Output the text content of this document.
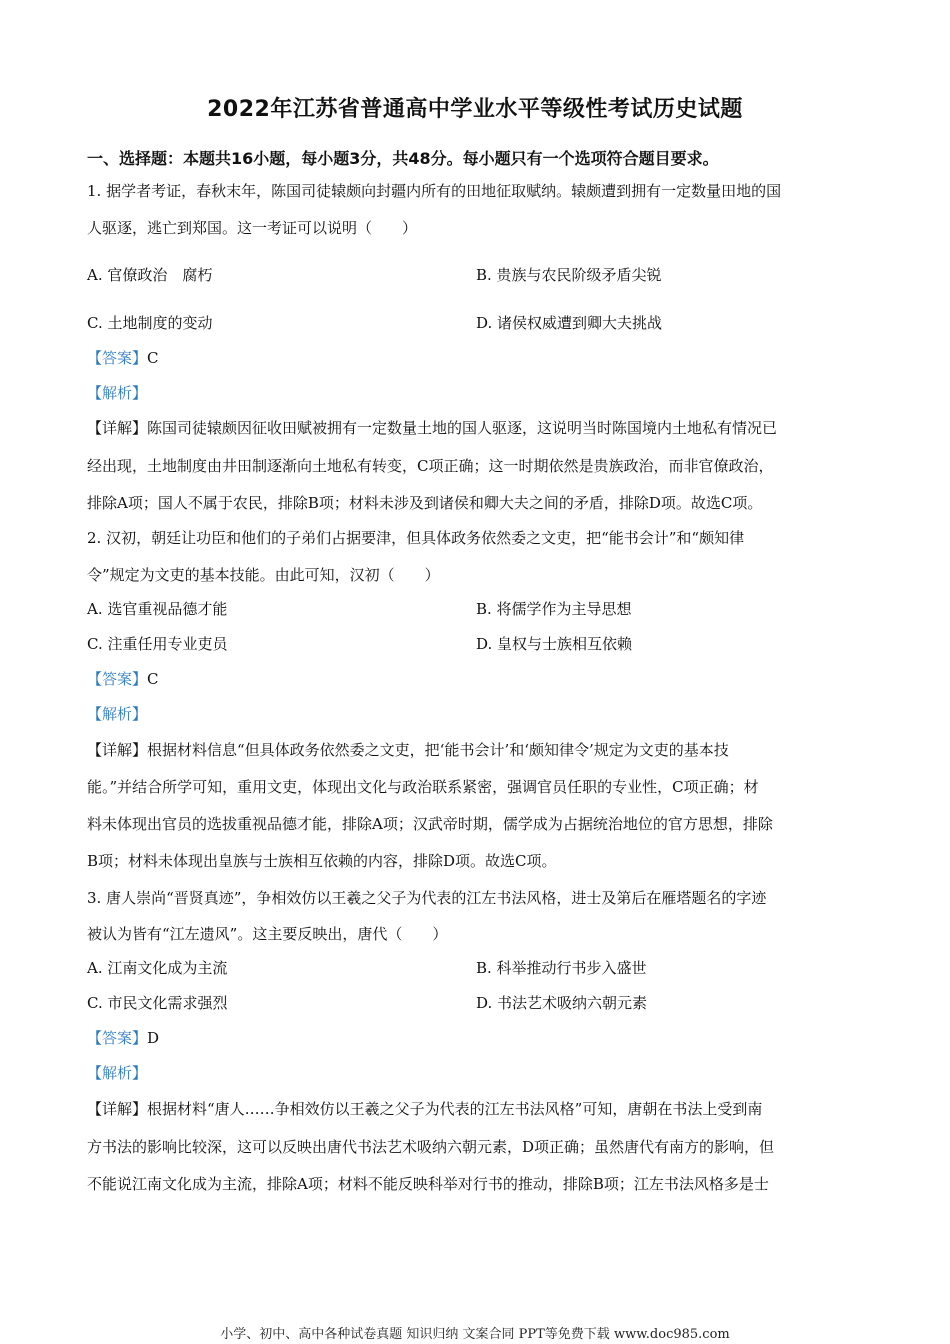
2022年江苏省普通高中学业水平等级性考试历史试题
一、选择题：本题共16小题，每小题3分，共48分。每小题只有一个选项符合题目要求。
1. 据学者考证，春秋末年，陈国司徒辕颇向封疆内所有的田地征取赋纳。辕颇遭到拥有一定数量田地的国
人驱逐，逃亡到郑国。这一考证可以说明（　　）
A. 官僚政治　腐朽	B. 贵族与农民阶级矛盾尖锐
C. 土地制度的变动	D. 诸侯权威遭到卿大夫挑战
【答案】C
【解析】
【详解】陈国司徒辕颇因征收田赋被拥有一定数量土地的国人驱逐，这说明当时陈国境内土地私有情况已
经出现，土地制度由井田制逐渐向土地私有转变，C项正确；这一时期依然是贵族政治，而非官僚政治，
排除A项；国人不属于农民，排除B项；材料未涉及到诸侯和卿大夫之间的矛盾，排除D项。故选C项。
2. 汉初，朝廷让功臣和他们的子弟们占据要津，但具体政务依然委之文吏，把“能书会计”和“颇知律
令”规定为文吏的基本技能。由此可知，汉初（　　）
A. 选官重视品德才能	B. 将儒学作为主导思想
C. 注重任用专业吏员	D. 皇权与士族相互依赖
【答案】C
【解析】
【详解】根据材料信息“但具体政务依然委之文吏，把‘能书会计’和‘颇知律令’规定为文吏的基本技
能。”并结合所学可知，重用文吏，体现出文化与政治联系紧密，强调官员任职的专业性，C项正确；材
料未体现出官员的选拔重视品德才能，排除A项；汉武帝时期，儒学成为占据统治地位的官方思想，排除
B项；材料未体现出皇族与士族相互依赖的内容，排除D项。故选C项。
3. 唐人崇尚“晋贤真迹”，争相效仿以王羲之父子为代表的江左书法风格，进士及第后在雁塔题名的字迹
被认为皆有“江左遗风”。这主要反映出，唐代（　　）
A. 江南文化成为主流	B. 科举推动行书步入盛世
C. 市民文化需求强烈	D. 书法艺术吸纳六朝元素
【答案】D
【解析】
【详解】根据材料“唐人……争相效仿以王羲之父子为代表的江左书法风格”可知，唐朝在书法上受到南
方书法的影响比较深，这可以反映出唐代书法艺术吸纳六朝元素，D项正确；虽然唐代有南方的影响，但
不能说江南文化成为主流，排除A项；材料不能反映科举对行书的推动，排除B项；江左书法风格多是士
小学、初中、高中各种试卷真题 知识归纳 文案合同 PPT等免费下载 www.doc985.com
